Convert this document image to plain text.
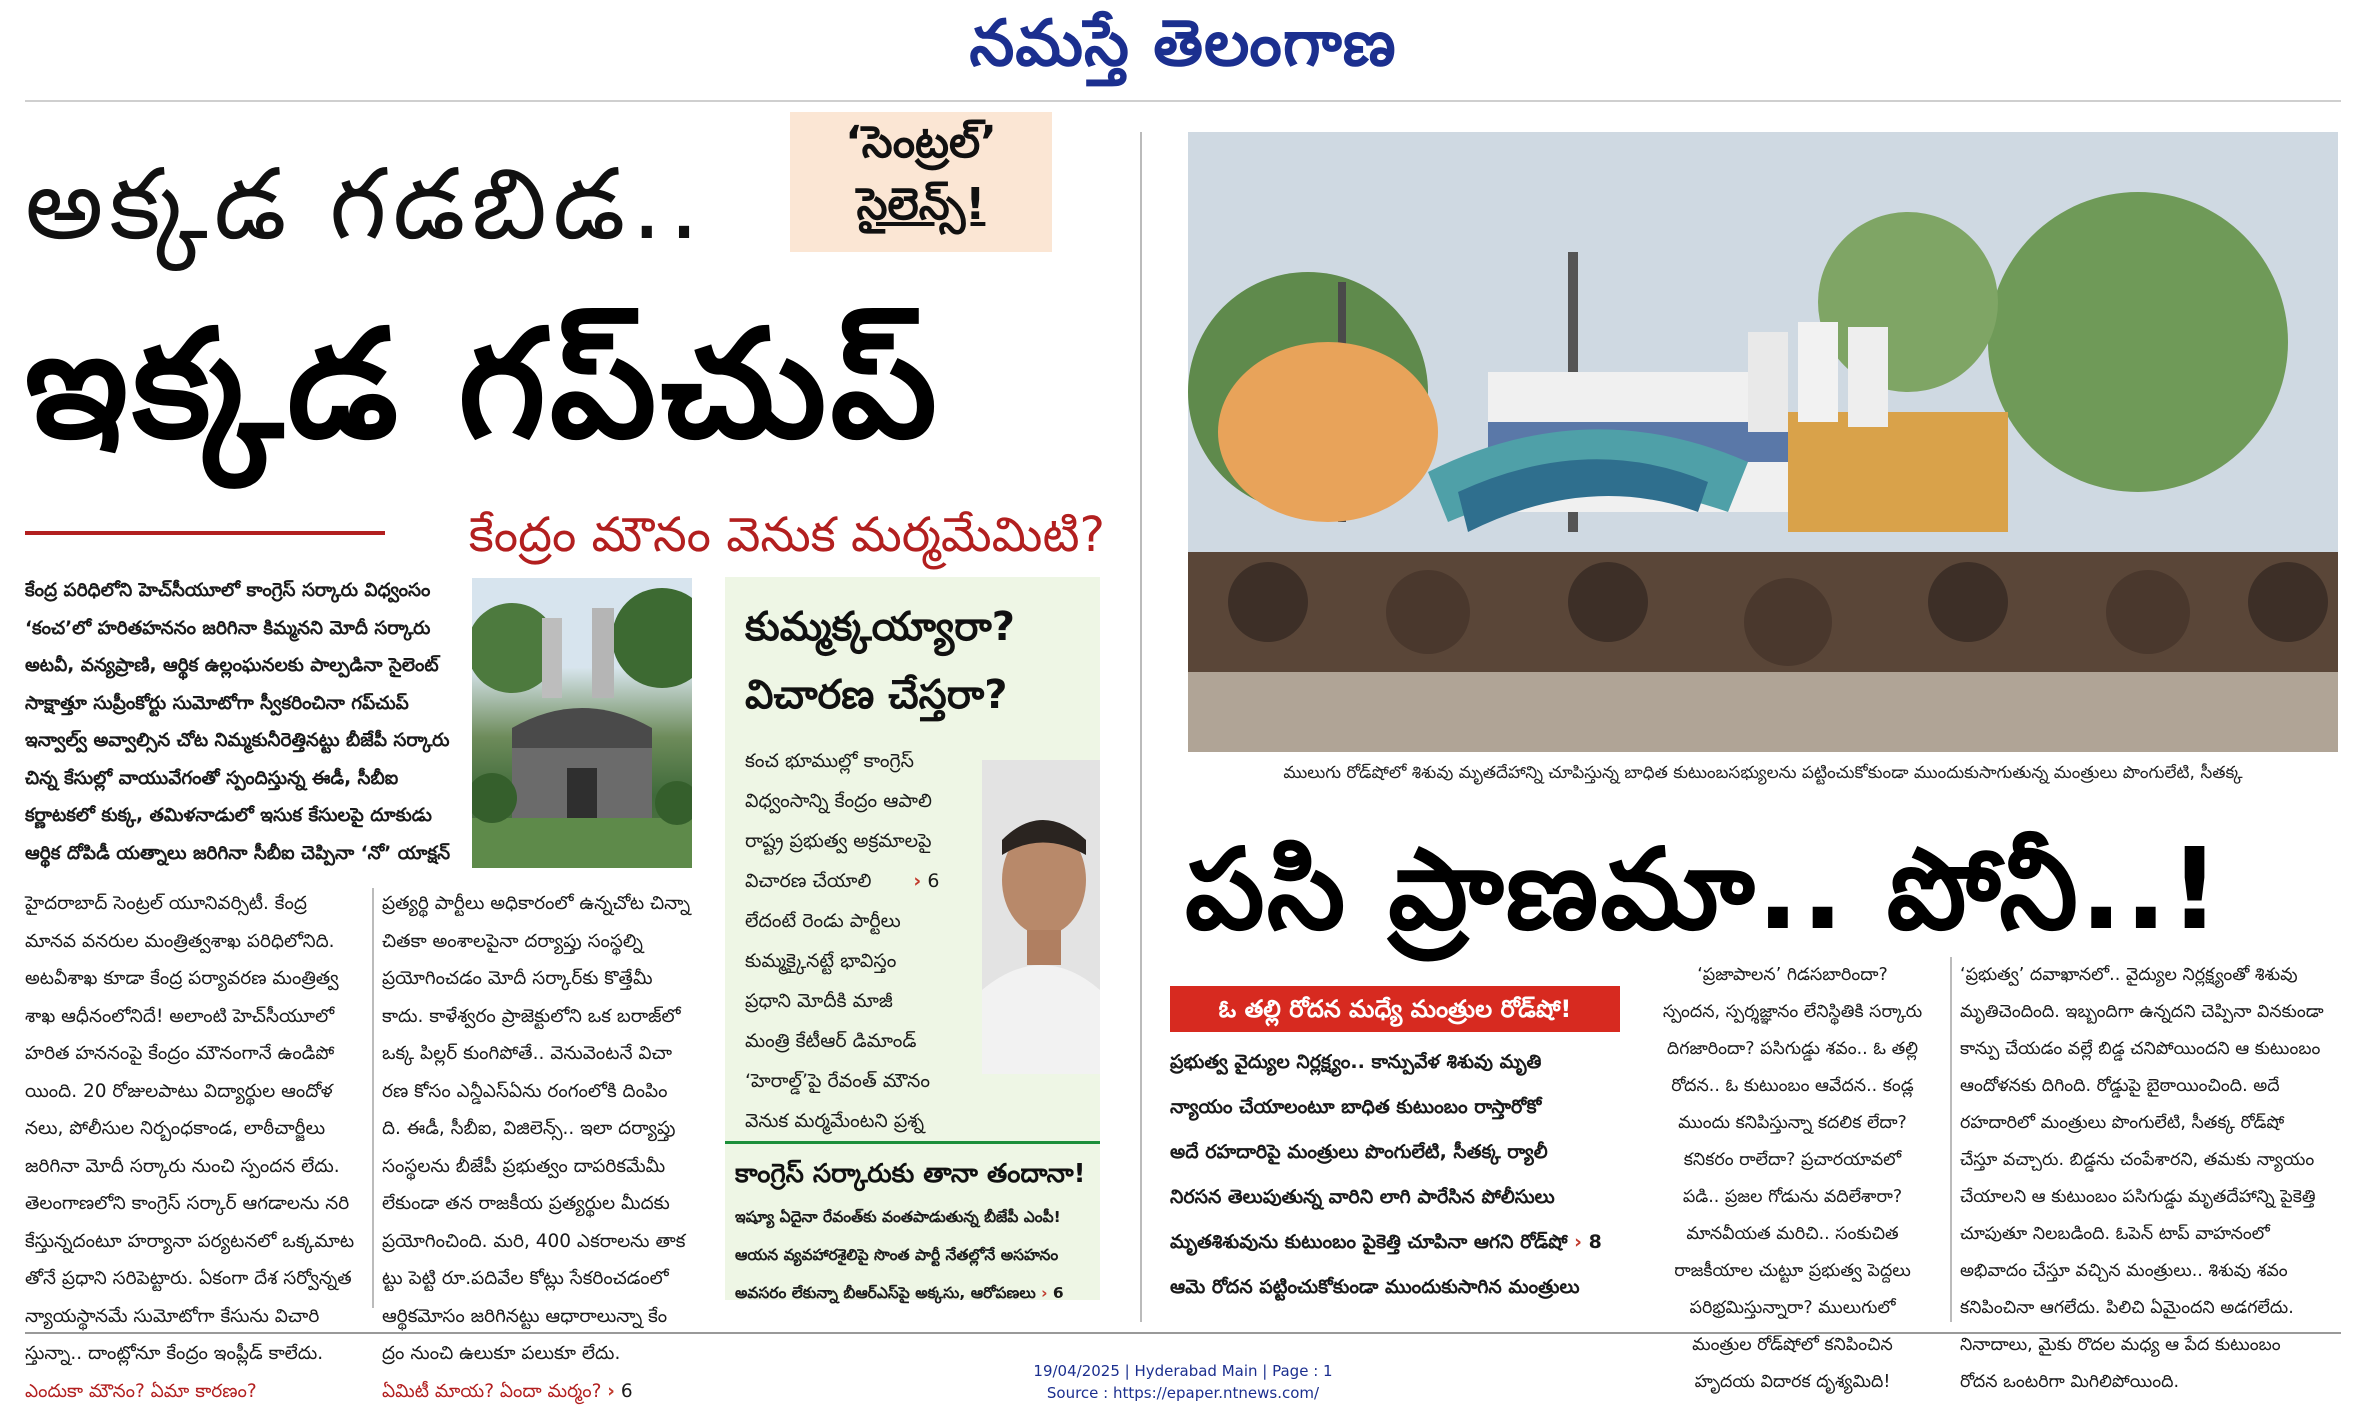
నమస్తే తెలంగాణ
అక్కడ గడబిడ..
‘సెంట్రల్’
సైలెన్స్!
ఇక్కడ గప్‌చుప్
కేంద్రం మౌనం వెనుక మర్మమేమిటి?

కేంద్ర పరిధిలోని హెచ్‌సీయూలో కాంగ్రెస్ సర్కారు విధ్వంసం

‘కంచ’లో హరితహననం జరిగినా కిమ్మనని మోదీ సర్కారు

అటవీ, వన్యప్రాణి, ఆర్థిక ఉల్లంఘనలకు పాల్పడినా సైలెంట్

సాక్షాత్తూ సుప్రీంకోర్టు సుమోటోగా స్వీకరించినా గప్‌చుప్

ఇన్వాల్వ్ అవ్వాల్సిన చోట నిమ్మకునీరెత్తినట్టు బీజేపీ సర్కారు

చిన్న కేసుల్లో వాయువేగంతో స్పందిస్తున్న ఈడీ, సీబీఐ

కర్ణాటకలో కుక్క, తమిళనాడులో ఇసుక కేసులపై దూకుడు

ఆర్థిక దోపిడీ యత్నాలు జరిగినా సీబీఐ చెప్పినా ‘నో’ యాక్షన్

హైదరాబాద్ సెంట్రల్ యూనివర్సిటీ. కేంద్ర

మానవ వనరుల మంత్రిత్వశాఖ పరిధిలోనిది.

అటవీశాఖ కూడా కేంద్ర పర్యావరణ మంత్రిత్వ

శాఖ ఆధీనంలోనిదే! అలాంటి హెచ్‌సీయూలో

హరిత హననంపై కేంద్రం మౌనంగానే ఉండిపో

యింది. 20 రోజులపాటు విద్యార్థుల ఆందోళ

నలు, పోలీసుల నిర్బంధకాండ, లాఠీచార్జీలు

జరిగినా మోదీ సర్కారు నుంచి స్పందన లేదు.

తెలంగాణలోని కాంగ్రెస్ సర్కార్ ఆగడాలను నరి

కేస్తున్నదంటూ హర్యానా పర్యటనలో ఒక్కమాట

తోనే ప్రధాని సరిపెట్టారు. ఏకంగా దేశ సర్వోన్నత

న్యాయస్థానమే సుమోటోగా కేసును విచారి

స్తున్నా.. దాంట్లోనూ కేంద్రం ఇంప్లీడ్ కాలేదు.

ఎందుకా మౌనం? ఏమా కారణం?

ప్రత్యర్థి పార్టీలు అధికారంలో ఉన్నచోట చిన్నా

చితకా అంశాలపైనా దర్యాప్తు సంస్థల్ని

ప్రయోగించడం మోదీ సర్కార్‌కు కొత్తేమీ

కాదు. కాళేశ్వరం ప్రాజెక్టులోని ఒక బరాజ్‌లో

ఒక్క పిల్లర్ కుంగిపోతే.. వెనువెంటనే విచా

రణ కోసం ఎన్డీఎస్‌ఏను రంగంలోకి దింపిం

ది. ఈడీ, సీబీఐ, విజిలెన్స్.. ఇలా దర్యాప్తు

సంస్థలను బీజేపీ ప్రభుత్వం దాపరికమేమీ

లేకుండా తన రాజకీయ ప్రత్యర్థుల మీదకు

ప్రయోగించింది. మరి, 400 ఎకరాలను తాక

ట్టు పెట్టి రూ.పదివేల కోట్లు సేకరించడంలో

ఆర్థికమోసం జరిగినట్టు ఆధారాలున్నా కేం

ద్రం నుంచి ఉలుకూ పలుకూ లేదు.

ఏమిటీ మాయ? ఏందా మర్మం? › 6

కుమ్మక్కయ్యారా?
విచారణ చేస్తరా?
కంచ భూముల్లో కాంగ్రెస్
విధ్వంసాన్ని కేంద్రం ఆపాలి
రాష్ట్ర ప్రభుత్వ అక్రమాలపై
విచారణ చేయాలి › 6
లేదంటే రెండు పార్టీలు
కుమ్మక్కైనట్టే భావిస్తం
ప్రధాని మోదీకి మాజీ
మంత్రి కేటీఆర్ డిమాండ్
‘హెరాల్డ్’పై రేవంత్ మౌనం
వెనుక మర్మమేంటని ప్రశ్న
కాంగ్రెస్ సర్కారుకు తానా తందానా!
ఇష్యూ ఏదైనా రేవంత్‌కు వంతపాడుతున్న బీజేపీ ఎంపీ!
ఆయన వ్యవహారశైలిపై సొంత పార్టీ నేతల్లోనే అసహనం
అవసరం లేకున్నా బీఆర్‌ఎస్‌పై అక్కసు, ఆరోపణలు › 6
ములుగు రోడ్‌షోలో శిశువు మృతదేహాన్ని చూపిస్తున్న బాధిత కుటుంబసభ్యులను పట్టించుకోకుండా ముందుకుసాగుతున్న మంత్రులు పొంగులేటి, సీతక్క
పసి ప్రాణమా.. పోనీ..!
ఓ తల్లి రోదన మధ్యే మంత్రుల రోడ్‌షో!

ప్రభుత్వ వైద్యుల నిర్లక్ష్యం.. కాన్పువేళ శిశువు మృతి

న్యాయం చేయాలంటూ బాధిత కుటుంబం రాస్తారోకో

అదే రహదారిపై మంత్రులు పొంగులేటి, సీతక్క ర్యాలీ

నిరసన తెలుపుతున్న వారిని లాగి పారేసిన పోలీసులు

మృతశిశువును కుటుంబం పైకెత్తి చూపినా ఆగని రోడ్‌షో › 8

ఆమె రోదన పట్టించుకోకుండా ముందుకుసాగిన మంత్రులు

‘ప్రజాపాలన’ గిడసబారిందా?

స్పందన, స్పర్శజ్ఞానం లేనిస్థితికి సర్కారు

దిగజారిందా? పసిగుడ్డు శవం.. ఓ తల్లి

రోదన.. ఓ కుటుంబం ఆవేదన.. కండ్ల

ముందు కనిపిస్తున్నా కదలిక లేదా?

కనికరం రాలేదా? ప్రచారయావలో

పడి.. ప్రజల గోడును వదిలేశారా?

మానవీయత మరిచి.. సంకుచిత

రాజకీయాల చుట్టూ ప్రభుత్వ పెద్దలు

పరిభ్రమిస్తున్నారా? ములుగులో

మంత్రుల రోడ్‌షోలో కనిపించిన

హృదయ విదారక దృశ్యమిది!

‘ప్రభుత్వ’ దవాఖానలో.. వైద్యుల నిర్లక్ష్యంతో శిశువు

మృతిచెందింది. ఇబ్బందిగా ఉన్నదని చెప్పినా వినకుండా

కాన్పు చేయడం వల్లే బిడ్డ చనిపోయిందని ఆ కుటుంబం

ఆందోళనకు దిగింది. రోడ్డుపై బైఠాయించింది. అదే

రహదారిలో మంత్రులు పొంగులేటి, సీతక్క రోడ్‌షో

చేస్తూ వచ్చారు. బిడ్డను చంపేశారని, తమకు న్యాయం

చేయాలని ఆ కుటుంబం పసిగుడ్డు మృతదేహాన్ని పైకెత్తి

చూపుతూ నిలబడింది. ఓపెన్ టాప్ వాహనంలో

అభివాదం చేస్తూ వచ్చిన మంత్రులు.. శిశువు శవం

కనిపించినా ఆగలేదు. పిలిచి ఏమైందని అడగలేదు.

నినాదాలు, మైకు రొదల మధ్య ఆ పేద కుటుంబం

రోదన ఒంటరిగా మిగిలిపోయింది.

19/04/2025 | Hyderabad Main | Page : 1
Source : https://epaper.ntnews.com/
